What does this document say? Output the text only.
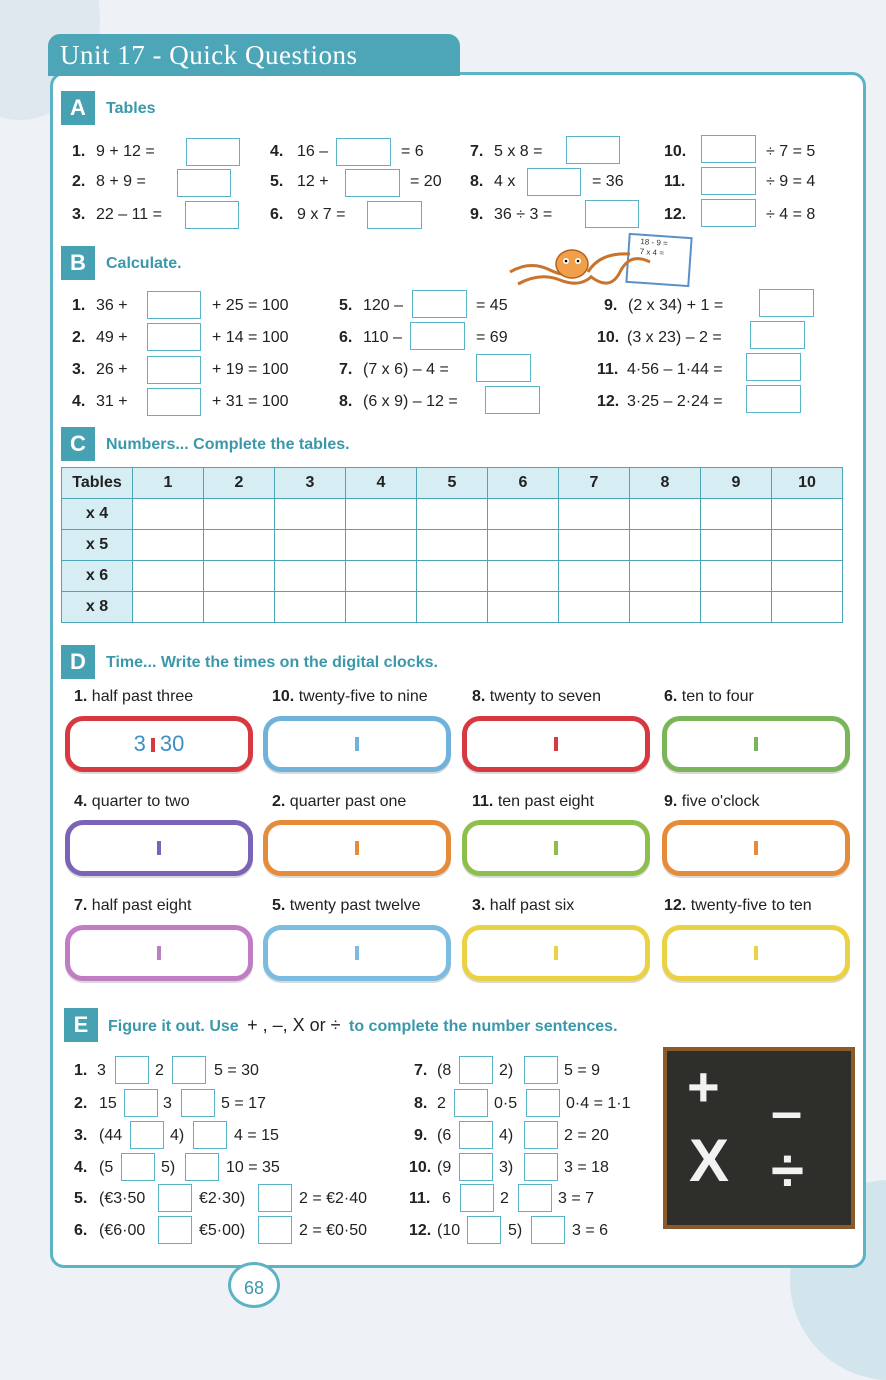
Unit 17 - Quick Questions
A	Tables
1. 9 + 12 =
2. 8 + 9 =
3. 22 – 11 =
4. 16 –	= 6
5. 12 +	= 20
6. 9 x 7 =
7. 5 x 8 =
8. 4 x	= 36
9. 36 ÷ 3 =
10.	÷ 7 = 5
11.	÷ 9 = 4
12.	÷ 4 = 8
B	Calculate.
18 - 9 =
7 x 4 =
1. 36 +	+ 25 = 100
2. 49 +	+ 14 = 100
3. 26 +	+ 19 = 100
4. 31 +	+ 31 = 100
5. 120 –	= 45
6. 110 –	= 69
7. (7 x 6) – 4 =
8. (6 x 9) – 12 =
9. (2 x 34) + 1 =
10. (3 x 23) – 2 =
11. 4·56 – 1·44 =
12. 3·25 – 2·24 =
C	Numbers... Complete the tables.
Tables	1	2	3	4	5	6	7	8	9	10
x 4										
x 5										
x 6										
x 8										
D	Time... Write the times on the digital clocks.
1. half past three
3 30
4. quarter to two
7. half past eight
10. twenty-five to nine
2. quarter past one
5. twenty past twelve
8. twenty to seven
11. ten past eight
3. half past six
6. ten to four
9. five o'clock
12. twenty-five to ten
E	Figure it out. Use + , –, X or ÷ to complete the number sentences.
1. 3	2	5 = 30
2. 15	3	5 = 17
3. (44	4)	4 = 15
4. (5	5)	10 = 35
5. (€3·50	€2·30)	2 = €2·40
6. (€6·00	€5·00)	2 = €0·50
7. (8	2)	5 = 9
8. 2	0·5	0·4 = 1·1
9. (6	4)	2 = 20
10. (9	3)	3 = 18
11. 6	2	3 = 7
12. (10	5)	3 = 6
+ –
X ÷
68
